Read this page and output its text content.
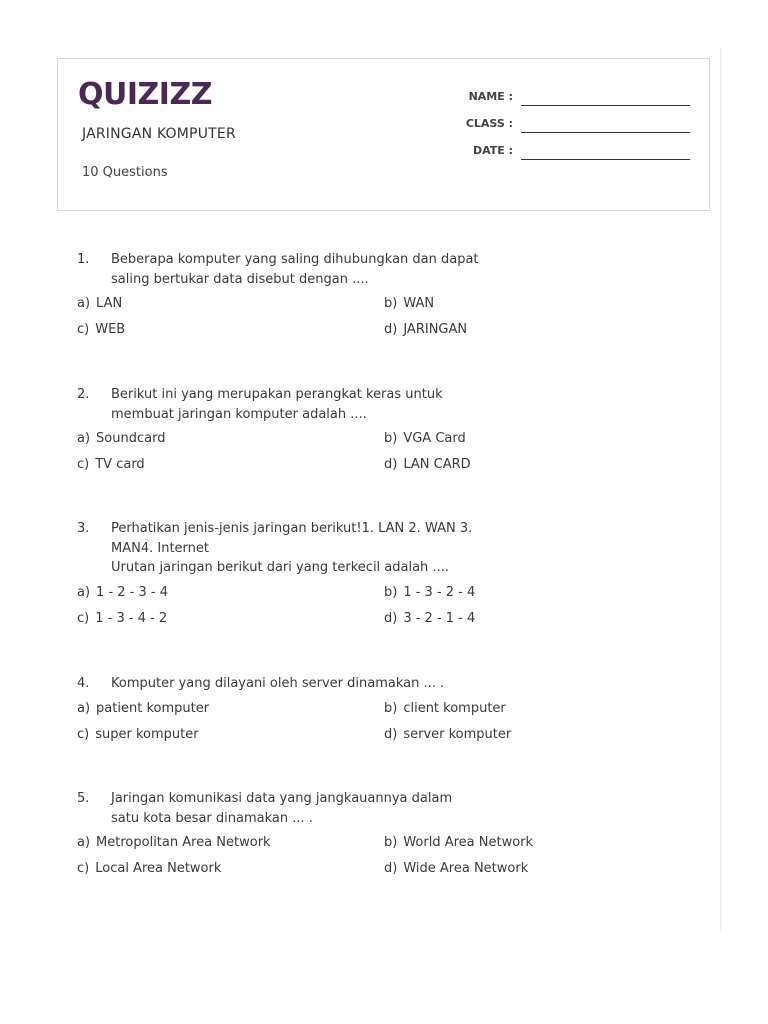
QUIZIZZ
JARINGAN KOMPUTER
10 Questions
NAME :
CLASS :
DATE :
1. Beberapa komputer yang saling dihubungkan dan dapat
saling bertukar data disebut dengan ....
a) LAN	b) WAN
c) WEB	d) JARINGAN
2. Berikut ini yang merupakan perangkat keras untuk
membuat jaringan komputer adalah ....
a) Soundcard	b) VGA Card
c) TV card	d) LAN CARD
3. Perhatikan jenis-jenis jaringan berikut!1. LAN 2. WAN 3.
MAN4. Internet
Urutan jaringan berikut dari yang terkecil adalah ....
a) 1 - 2 - 3 - 4	b) 1 - 3 - 2 - 4
c) 1 - 3 - 4 - 2	d) 3 - 2 - 1 - 4
4. Komputer yang dilayani oleh server dinamakan ... .
a) patient komputer	b) client komputer
c) super komputer	d) server komputer
5. Jaringan komunikasi data yang jangkauannya dalam
satu kota besar dinamakan ... .
a) Metropolitan Area Network	b) World Area Network
c) Local Area Network	d) Wide Area Network
